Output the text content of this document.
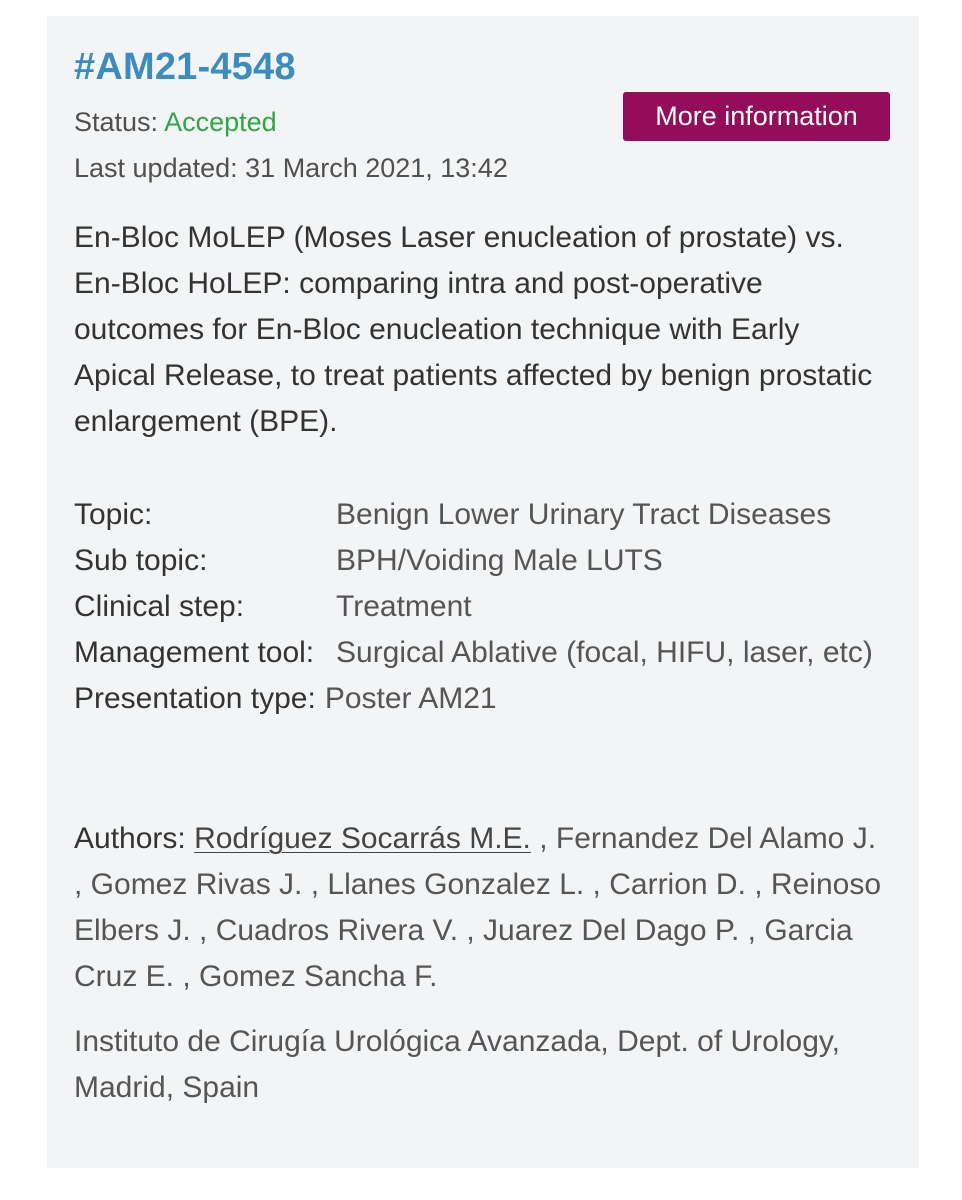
#AM21-4548
Status: Accepted	More information
Last updated: 31 March 2021, 13:42
En-Bloc MoLEP (Moses Laser enucleation of prostate) vs. En-Bloc HoLEP: comparing intra and post-operative outcomes for En-Bloc enucleation technique with Early Apical Release, to treat patients affected by benign prostatic enlargement (BPE).
Topic:	Benign Lower Urinary Tract Diseases
Sub topic:	BPH/Voiding Male LUTS
Clinical step:	Treatment
Management tool: Surgical Ablative (focal, HIFU, laser, etc)
Presentation type: Poster AM21

Authors: Rodríguez Socarrás M.E. , Fernandez Del Alamo J. , Gomez Rivas J. , Llanes Gonzalez L. , Carrion D. , Reinoso Elbers J. , Cuadros Rivera V. , Juarez Del Dago P. , Garcia Cruz E. , Gomez Sancha F.

Instituto de Cirugía Urológica Avanzada, Dept. of Urology, Madrid, Spain
